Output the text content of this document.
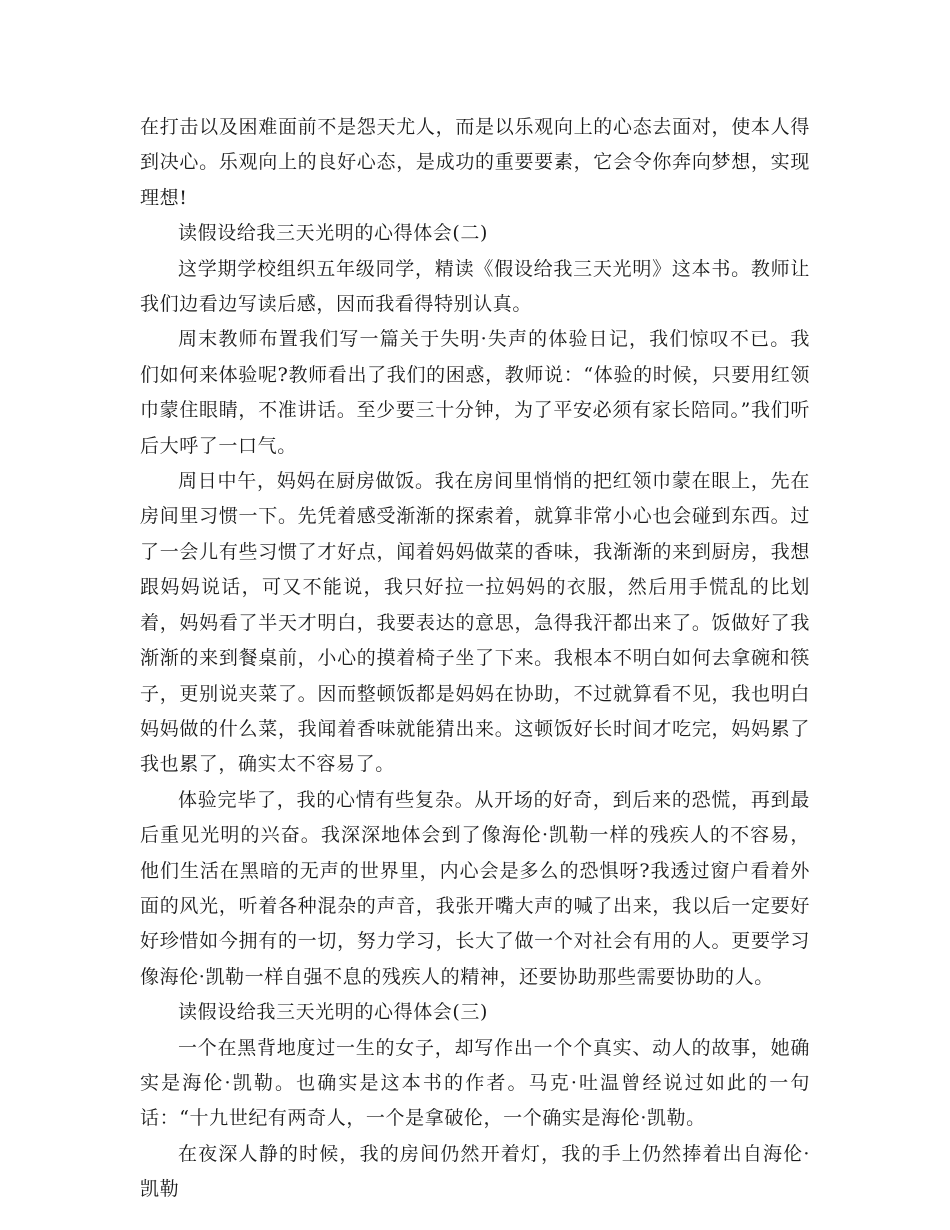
在打击以及困难面前不是怨天尤人，而是以乐观向上的心态去面对，使本人得到决心。乐观向上的良好心态，是成功的重要要素，它会令你奔向梦想，实现理想!

读假设给我三天光明的心得体会(二)

这学期学校组织五年级同学，精读《假设给我三天光明》这本书。教师让我们边看边写读后感，因而我看得特别认真。

周末教师布置我们写一篇关于失明·失声的体验日记，我们惊叹不已。我们如何来体验呢?教师看出了我们的困惑，教师说：“体验的时候，只要用红领巾蒙住眼睛，不准讲话。至少要三十分钟，为了平安必须有家长陪同。”我们听后大呼了一口气。

周日中午，妈妈在厨房做饭。我在房间里悄悄的把红领巾蒙在眼上，先在房间里习惯一下。先凭着感受渐渐的探索着，就算非常小心也会碰到东西。过了一会儿有些习惯了才好点，闻着妈妈做菜的香味，我渐渐的来到厨房，我想跟妈妈说话，可又不能说，我只好拉一拉妈妈的衣服，然后用手慌乱的比划着，妈妈看了半天才明白，我要表达的意思，急得我汗都出来了。饭做好了我渐渐的来到餐桌前，小心的摸着椅子坐了下来。我根本不明白如何去拿碗和筷子，更别说夹菜了。因而整顿饭都是妈妈在协助，不过就算看不见，我也明白妈妈做的什么菜，我闻着香味就能猜出来。这顿饭好长时间才吃完，妈妈累了我也累了，确实太不容易了。

体验完毕了，我的心情有些复杂。从开场的好奇，到后来的恐慌，再到最后重见光明的兴奋。我深深地体会到了像海伦·凯勒一样的残疾人的不容易，他们生活在黑暗的无声的世界里，内心会是多么的恐惧呀?我透过窗户看着外面的风光，听着各种混杂的声音，我张开嘴大声的喊了出来，我以后一定要好好珍惜如今拥有的一切，努力学习，长大了做一个对社会有用的人。更要学习像海伦·凯勒一样自强不息的残疾人的精神，还要协助那些需要协助的人。

读假设给我三天光明的心得体会(三)

一个在黑背地度过一生的女子，却写作出一个个真实、动人的故事，她确实是海伦·凯勒。也确实是这本书的作者。马克·吐温曾经说过如此的一句话：“十九世纪有两奇人，一个是拿破伦，一个确实是海伦·凯勒。

在夜深人静的时候，我的房间仍然开着灯，我的手上仍然捧着出自海伦·凯勒
